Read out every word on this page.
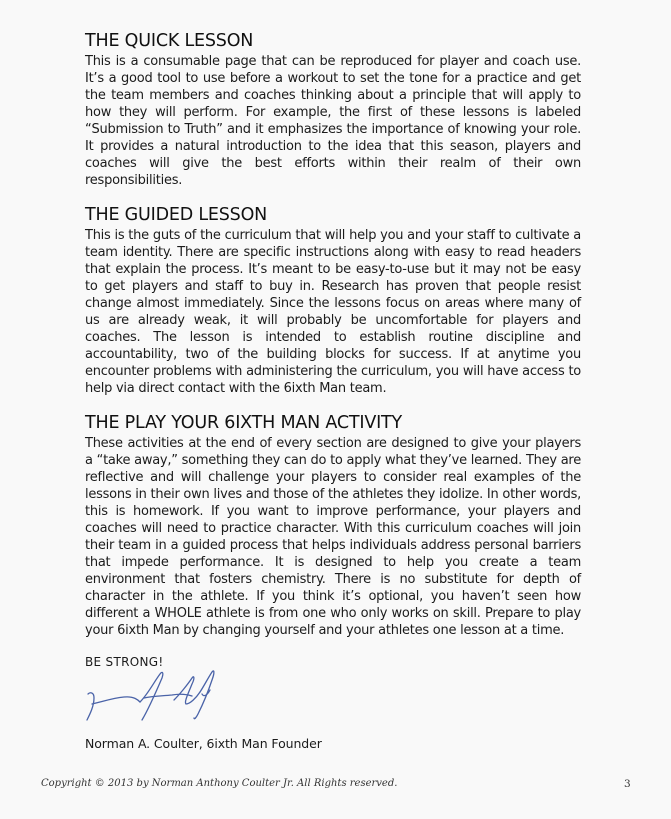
THE QUICK LESSON

This is a consumable page that can be reproduced for player and coach use. It’s a good tool to use before a workout to set the tone for a practice and get the team members and coaches thinking about a principle that will apply to how they will perform. For example, the first of these lessons is labeled “Submission to Truth” and it emphasizes the importance of knowing your role. It provides a natural introduction to the idea that this season, players and coaches will give the best efforts within their realm of their own responsibilities.

THE GUIDED LESSON

This is the guts of the curriculum that will help you and your staff to cultivate a team identity. There are specific instructions along with easy to read headers that explain the process. It’s meant to be easy-to-use but it may not be easy to get players and staff to buy in. Research has proven that people resist change almost immediately. Since the lessons focus on areas where many of us are already weak, it will probably be uncomfortable for players and coaches. The lesson is intended to establish routine discipline and accountability, two of the building blocks for success. If at anytime you encounter problems with administering the curriculum, you will have access to help via direct contact with the 6ixth Man team.

THE PLAY YOUR 6IXTH MAN ACTIVITY

These activities at the end of every section are designed to give your players a “take away,” something they can do to apply what they’ve learned. They are reflective and will challenge your players to consider real examples of the lessons in their own lives and those of the athletes they idolize. In other words, this is homework. If you want to improve performance, your players and coaches will need to practice character. With this curriculum coaches will join their team in a guided process that helps individuals address personal barriers that impede performance. It is designed to help you create a team environment that fosters chemistry. There is no substitute for depth of character in the athlete. If you think it’s optional, you haven’t seen how different a WHOLE athlete is from one who only works on skill. Prepare to play your 6ixth Man by changing yourself and your athletes one lesson at a time.

BE STRONG!

Norman A. Coulter, 6ixth Man Founder
Copyright © 2013 by Norman Anthony Coulter Jr. All Rights reserved.	3
